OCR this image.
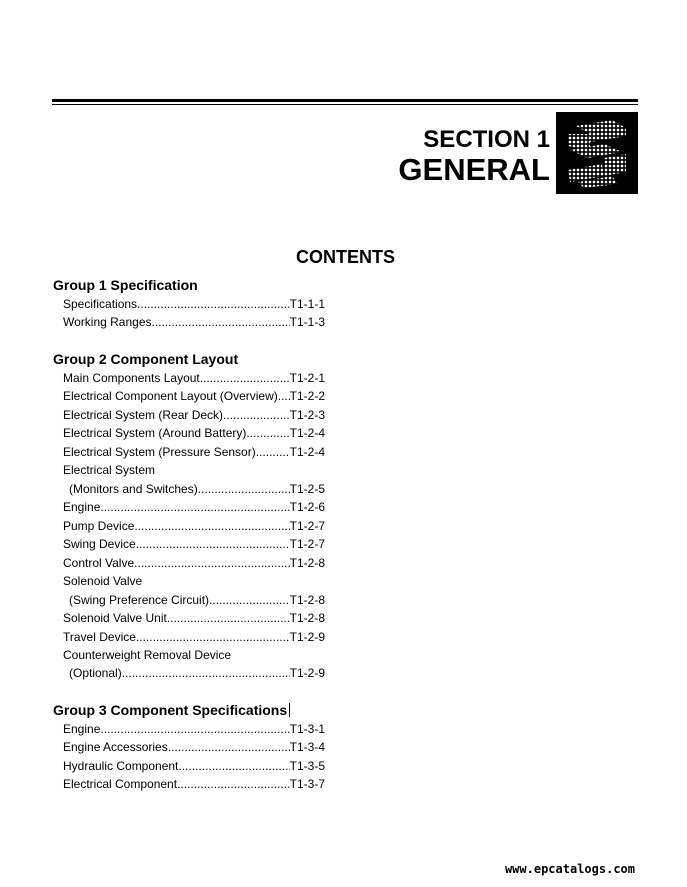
SECTION 1
GENERAL
CONTENTS
Group 1 Specification
Specifications .....	T1-1-1
Working Ranges .....	T1-1-3
Group 2 Component Layout
Main Components Layout .....	T1-2-1
Electrical Component Layout (Overview) ..... T1-2-2
Electrical System (Rear Deck) .....	T1-2-3
Electrical System (Around Battery) .....	T1-2-4
Electrical System (Pressure Sensor) .....	T1-2-4
Electrical System
(Monitors and Switches) .....	T1-2-5
Engine .....	T1-2-6
Pump Device .....	T1-2-7
Swing Device .....	T1-2-7
Control Valve .....	T1-2-8
Solenoid Valve
(Swing Preference Circuit) .....	T1-2-8
Solenoid Valve Unit .....	T1-2-8
Travel Device .....	T1-2-9
Counterweight Removal Device
(Optional) .....	T1-2-9
Group 3 Component Specifications
Engine .....	T1-3-1
Engine Accessories .....	T1-3-4
Hydraulic Component .....	T1-3-5
Electrical Component .....	T1-3-7
www.epcatalogs.com
